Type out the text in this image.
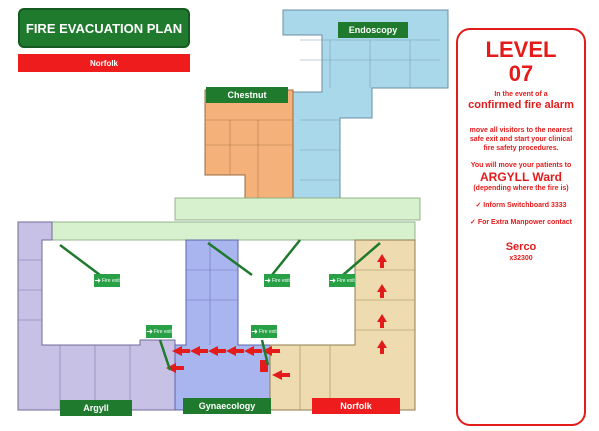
FIRE EVACUATION PLAN
Norfolk
➜ Fire exit	➜ Fire exit	➜ Fire exit
➜ Fire exit	➜ Fire exit
Endoscopy
Chestnut
Argyll	Gynaecology	Norfolk
LEVEL
07
In the event of a
confirmed fire alarm
move all visitors to the nearest safe exit and start your clinical fire safety procedures.
You will move your patients to
ARGYLL Ward
(depending where the fire is)
✓ Inform Switchboard 3333
✓ For Extra Manpower contact
Serco
x32300
